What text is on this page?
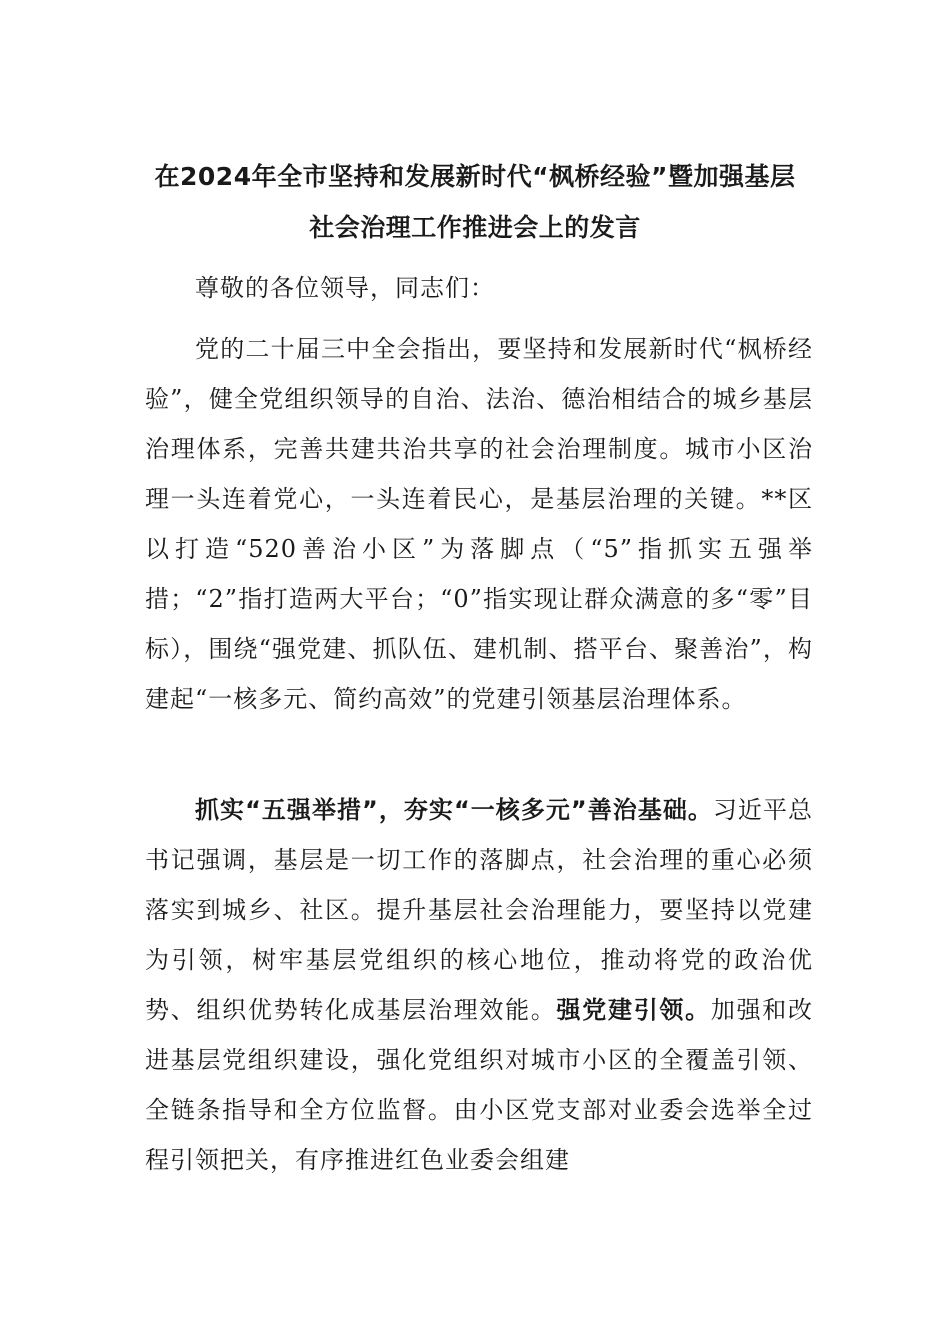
在2024年全市坚持和发展新时代“枫桥经验”暨加强基层
社会治理工作推进会上的发言
尊敬的各位领导，同志们：
党的二十届三中全会指出，要坚持和发展新时代“枫桥经验”，健全党组织领导的自治、法治、德治相结合的城乡基层治理体系，完善共建共治共享的社会治理制度。城市小区治理一头连着党心，一头连着民心，是基层治理的关键。**区以打造“520善治小区”为落脚点（“5”指抓实五强举措；“2”指打造两大平台；“0”指实现让群众满意的多“零”目标），围绕“强党建、抓队伍、建机制、搭平台、聚善治”，构建起“一核多元、简约高效”的党建引领基层治理体系。
抓实“五强举措”，夯实“一核多元”善治基础。习近平总书记强调，基层是一切工作的落脚点，社会治理的重心必须落实到城乡、社区。提升基层社会治理能力，要坚持以党建为引领，树牢基层党组织的核心地位，推动将党的政治优势、组织优势转化成基层治理效能。强党建引领。加强和改进基层党组织建设，强化党组织对城市小区的全覆盖引领、全链条指导和全方位监督。由小区党支部对业委会选举全过程引领把关，有序推进红色业委会组建
